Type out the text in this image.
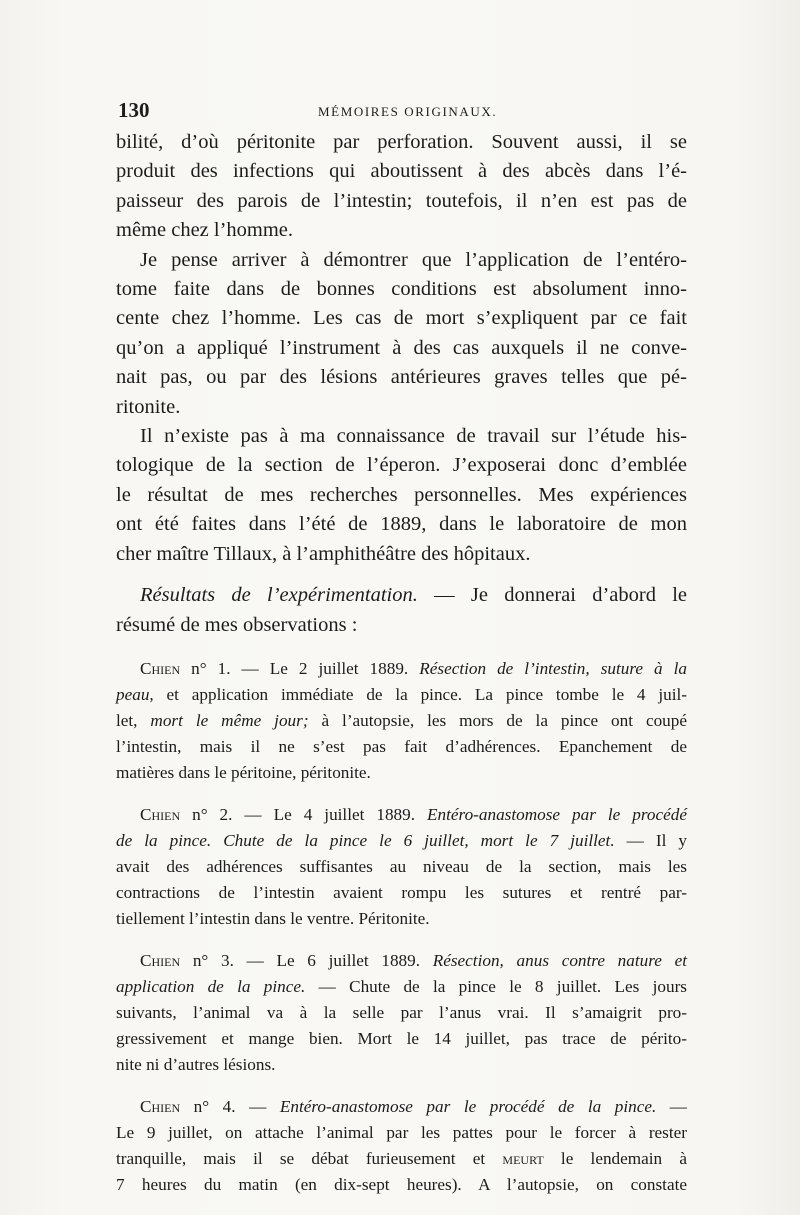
130	MÉMOIRES ORIGINAUX.
bilité, d’où péritonite par perforation. Souvent aussi, il se
produit des infections qui aboutissent à des abcès dans l’é-
paisseur des parois de l’intestin; toutefois, il n’en est pas de
même chez l’homme.
Je pense arriver à démontrer que l’application de l’entéro-
tome faite dans de bonnes conditions est absolument inno-
cente chez l’homme. Les cas de mort s’expliquent par ce fait
qu’on a appliqué l’instrument à des cas auxquels il ne conve-
nait pas, ou par des lésions antérieures graves telles que pé-
ritonite.
Il n’existe pas à ma connaissance de travail sur l’étude his-
tologique de la section de l’éperon. J’exposerai donc d’emblée
le résultat de mes recherches personnelles. Mes expériences
ont été faites dans l’été de 1889, dans le laboratoire de mon
cher maître Tillaux, à l’amphithéâtre des hôpitaux.
Résultats de l’expérimentation. — Je donnerai d’abord le
résumé de mes observations :
Chien n° 1. — Le 2 juillet 1889. Résection de l’intestin, suture à la
peau, et application immédiate de la pince. La pince tombe le 4 juil-
let, mort le même jour; à l’autopsie, les mors de la pince ont coupé
l’intestin, mais il ne s’est pas fait d’adhérences. Epanchement de
matières dans le péritoine, péritonite.
Chien n° 2. — Le 4 juillet 1889. Entéro-anastomose par le procédé
de la pince. Chute de la pince le 6 juillet, mort le 7 juillet. — Il y
avait des adhérences suffisantes au niveau de la section, mais les
contractions de l’intestin avaient rompu les sutures et rentré par-
tiellement l’intestin dans le ventre. Péritonite.
Chien n° 3. — Le 6 juillet 1889. Résection, anus contre nature et
application de la pince. — Chute de la pince le 8 juillet. Les jours
suivants, l’animal va à la selle par l’anus vrai. Il s’amaigrit pro-
gressivement et mange bien. Mort le 14 juillet, pas trace de périto-
nite ni d’autres lésions.
Chien n° 4. — Entéro-anastomose par le procédé de la pince. —
Le 9 juillet, on attache l’animal par les pattes pour le forcer à rester
tranquille, mais il se débat furieusement et meurt le lendemain à
7 heures du matin (en dix-sept heures). A l’autopsie, on constate
